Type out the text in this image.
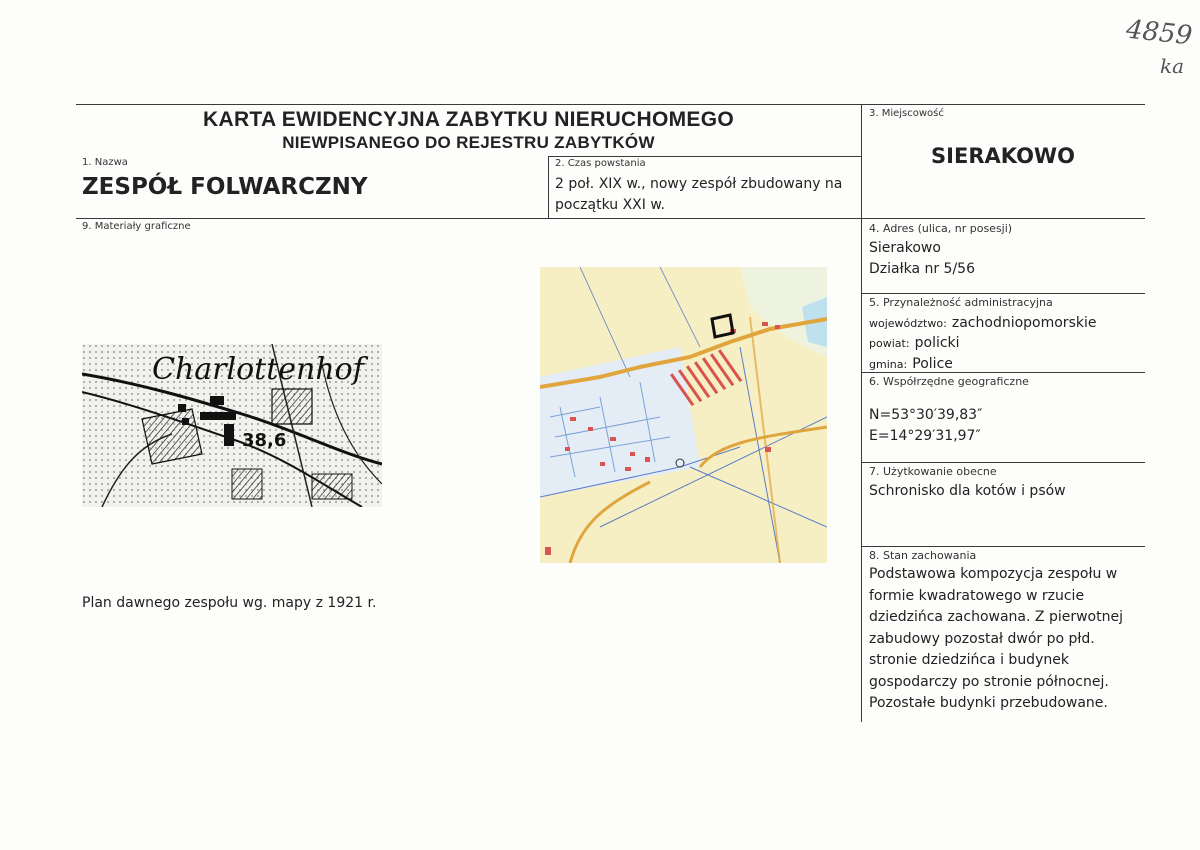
4859
ka
KARTA EWIDENCYJNA ZABYTKU NIERUCHOMEGO
NIEWPISANEGO DO REJESTRU ZABYTKÓW
1. Nazwa
ZESPÓŁ FOLWARCZNY
2. Czas powstania
2 poł. XIX w., nowy zespół zbudowany na
początku XXI w.
3. Miejscowość
SIERAKOWO
9. Materiały graficzne	4. Adres (ulica, nr posesji)
Sierakowo
Działka nr 5/56
5. Przynależność administracyjna
województwo: zachodniopomorskie
powiat: policki
gmina: Police
6. Współrzędne geograficzne
N=53°30′39,83″
E=14°29′31,97″
7. Użytkowanie obecne
Schronisko dla kotów i psów
8. Stan zachowania
Podstawowa kompozycja zespołu w
formie kwadratowego w rzucie
dziedzińca zachowana. Z pierwotnej
zabudowy pozostał dwór po płd.
stronie dziedzińca i budynek
gospodarczy po stronie północnej.
Pozostałe budynki przebudowane.
Charlottenhof
38,6
Plan dawnego zespołu wg. mapy z 1921 r.
